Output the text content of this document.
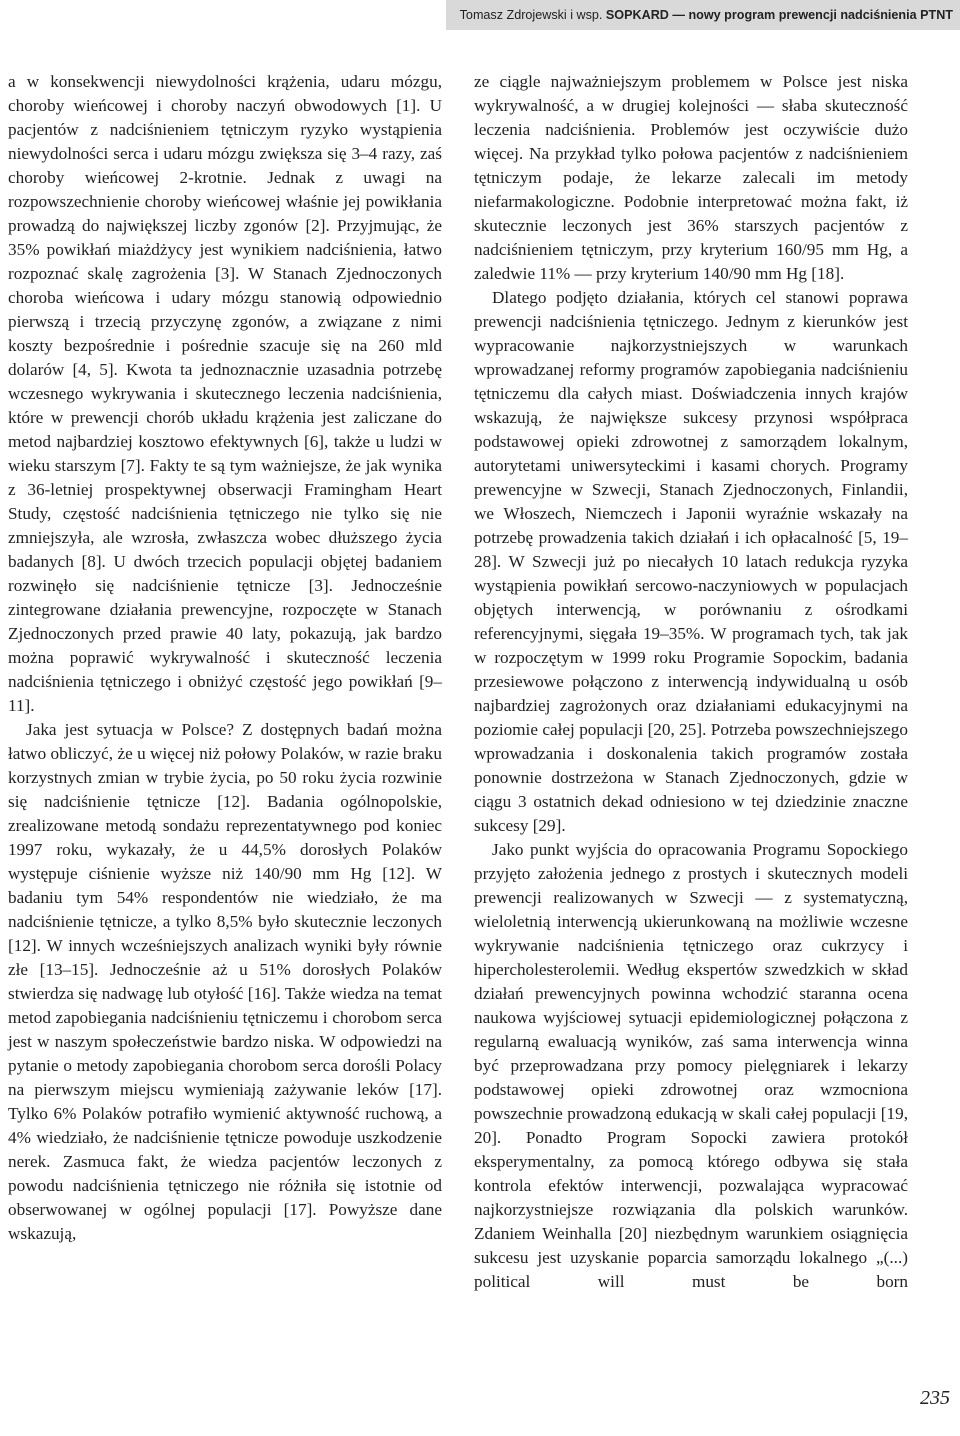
Tomasz Zdrojewski i wsp. SOPKARD — nowy program prewencji nadciśnienia PTNT

a w konsekwencji niewydolności krążenia, udaru mózgu, choroby wieńcowej i choroby naczyń obwodowych [1]. U pacjentów z nadciśnieniem tętniczym ryzyko wystąpienia niewydolności serca i udaru mózgu zwiększa się 3–4 razy, zaś choroby wieńcowej 2-krotnie. Jednak z uwagi na rozpowszechnienie choroby wieńcowej właśnie jej powikłania prowadzą do największej liczby zgonów [2]. Przyjmując, że 35% powikłań miażdżycy jest wynikiem nadciśnienia, łatwo rozpoznać skalę zagrożenia [3]. W Stanach Zjednoczonych choroba wieńcowa i udary mózgu stanowią odpowiednio pierwszą i trzecią przyczynę zgonów, a związane z nimi koszty bezpośrednie i pośrednie szacuje się na 260 mld dolarów [4, 5]. Kwota ta jednoznacznie uzasadnia potrzebę wczesnego wykrywania i skutecznego leczenia nadciśnienia, które w prewencji chorób układu krążenia jest zaliczane do metod najbardziej kosztowo efektywnych [6], także u ludzi w wieku starszym [7]. Fakty te są tym ważniejsze, że jak wynika z 36-letniej prospektywnej obserwacji Framingham Heart Study, częstość nadciśnienia tętniczego nie tylko się nie zmniejszyła, ale wzrosła, zwłaszcza wobec dłuższego życia badanych [8]. U dwóch trzecich populacji objętej badaniem rozwinęło się nadciśnienie tętnicze [3]. Jednocześnie zintegrowane działania prewencyjne, rozpoczęte w Stanach Zjednoczonych przed prawie 40 laty, pokazują, jak bardzo można poprawić wykrywalność i skuteczność leczenia nadciśnienia tętniczego i obniżyć częstość jego powikłań [9–11].

Jaka jest sytuacja w Polsce? Z dostępnych badań można łatwo obliczyć, że u więcej niż połowy Polaków, w razie braku korzystnych zmian w trybie życia, po 50 roku życia rozwinie się nadciśnienie tętnicze [12]. Badania ogólnopolskie, zrealizowane metodą sondażu reprezentatywnego pod koniec 1997 roku, wykazały, że u 44,5% dorosłych Polaków występuje ciśnienie wyższe niż 140/90 mm Hg [12]. W badaniu tym 54% respondentów nie wiedziało, że ma nadciśnienie tętnicze, a tylko 8,5% było skutecznie leczonych [12]. W innych wcześniejszych analizach wyniki były równie złe [13–15]. Jednocześnie aż u 51% dorosłych Polaków stwierdza się nadwagę lub otyłość [16]. Także wiedza na temat metod zapobiegania nadciśnieniu tętniczemu i chorobom serca jest w naszym społeczeństwie bardzo niska. W odpowiedzi na pytanie o metody zapobiegania chorobom serca dorośli Polacy na pierwszym miejscu wymieniają zażywanie leków [17]. Tylko 6% Polaków potrafiło wymienić aktywność ruchową, a 4% wiedziało, że nadciśnienie tętnicze powoduje uszkodzenie nerek. Zasmuca fakt, że wiedza pacjentów leczonych z powodu nadciśnienia tętniczego nie różniła się istotnie od obserwowanej w ogólnej populacji [17]. Powyższe dane wskazują,

ze ciągle najważniejszym problemem w Polsce jest niska wykrywalność, a w drugiej kolejności — słaba skuteczność leczenia nadciśnienia. Problemów jest oczywiście dużo więcej. Na przykład tylko połowa pacjentów z nadciśnieniem tętniczym podaje, że lekarze zalecali im metody niefarmakologiczne. Podobnie interpretować można fakt, iż skutecznie leczonych jest 36% starszych pacjentów z nadciśnieniem tętniczym, przy kryterium 160/95 mm Hg, a zaledwie 11% — przy kryterium 140/90 mm Hg [18].

Dlatego podjęto działania, których cel stanowi poprawa prewencji nadciśnienia tętniczego. Jednym z kierunków jest wypracowanie najkorzystniejszych w warunkach wprowadzanej reformy programów zapobiegania nadciśnieniu tętniczemu dla całych miast. Doświadczenia innych krajów wskazują, że największe sukcesy przynosi współpraca podstawowej opieki zdrowotnej z samorządem lokalnym, autorytetami uniwersyteckimi i kasami chorych. Programy prewencyjne w Szwecji, Stanach Zjednoczonych, Finlandii, we Włoszech, Niemczech i Japonii wyraźnie wskazały na potrzebę prowadzenia takich działań i ich opłacalność [5, 19–28]. W Szwecji już po niecałych 10 latach redukcja ryzyka wystąpienia powikłań sercowo-naczyniowych w populacjach objętych interwencją, w porównaniu z ośrodkami referencyjnymi, sięgała 19–35%. W programach tych, tak jak w rozpoczętym w 1999 roku Programie Sopockim, badania przesiewowe połączono z interwencją indywidualną u osób najbardziej zagrożonych oraz działaniami edukacyjnymi na poziomie całej populacji [20, 25]. Potrzeba powszechniejszego wprowadzania i doskonalenia takich programów została ponownie dostrzeżona w Stanach Zjednoczonych, gdzie w ciągu 3 ostatnich dekad odniesiono w tej dziedzinie znaczne sukcesy [29].

Jako punkt wyjścia do opracowania Programu Sopockiego przyjęto założenia jednego z prostych i skutecznych modeli prewencji realizowanych w Szwecji — z systematyczną, wieloletnią interwencją ukierunkowaną na możliwie wczesne wykrywanie nadciśnienia tętniczego oraz cukrzycy i hipercholesterolemii. Według ekspertów szwedzkich w skład działań prewencyjnych powinna wchodzić staranna ocena naukowa wyjściowej sytuacji epidemiologicznej połączona z regularną ewaluacją wyników, zaś sama interwencja winna być przeprowadzana przy pomocy pielęgniarek i lekarzy podstawowej opieki zdrowotnej oraz wzmocniona powszechnie prowadzoną edukacją w skali całej populacji [19, 20]. Ponadto Program Sopocki zawiera protokół eksperymentalny, za pomocą którego odbywa się stała kontrola efektów interwencji, pozwalająca wypracować najkorzystniejsze rozwiązania dla polskich warunków. Zdaniem Weinhalla [20] niezbędnym warunkiem osiągnięcia sukcesu jest uzyskanie poparcia samorządu lokalnego „(...) political will must be born

235
